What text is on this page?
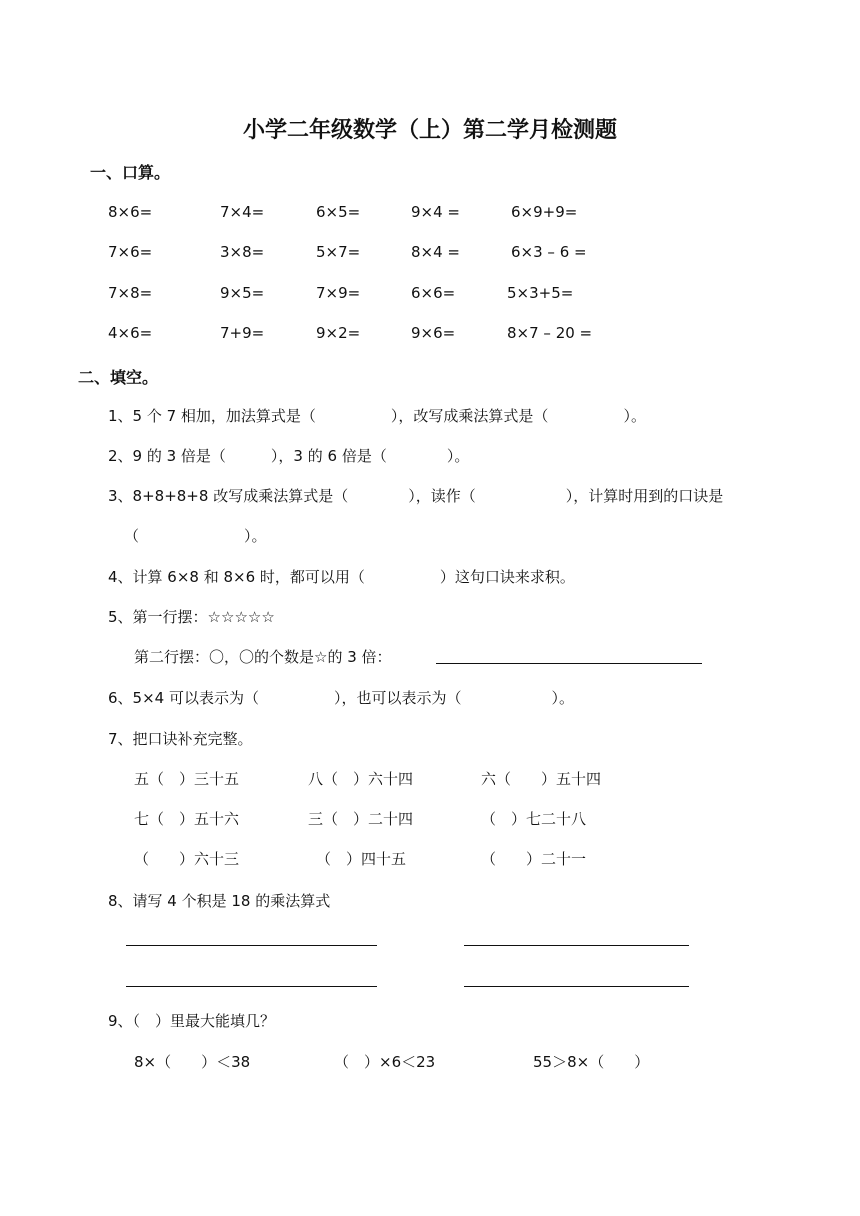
小学二年级数学（上）第二学月检测题
一、口算。
8×6=	7×4=	6×5=	9×4 =	6×9+9=
7×6=	3×8=	5×7=	8×4 =	6×3 – 6 =
7×8=	9×5=	7×9=	6×6=	5×3+5=
4×6=	7+9=	9×2=	9×6=	8×7 – 20 =
二、填空。
1、5 个 7 相加，加法算式是（　　　　　），改写成乘法算式是（　　　　　）。
2、9 的 3 倍是（　　　），3 的 6 倍是（　　　　）。
3、8+8+8+8 改写成乘法算式是（　　　　），读作（　　　　　　），计算时用到的口诀是
（　　　　　　　）。
4、计算 6×8 和 8×6 时，都可以用（　　　　　）这句口诀来求积。
5、第一行摆：☆☆☆☆☆
第二行摆：〇，〇的个数是☆的 3 倍：
6、5×4 可以表示为（　　　　　），也可以表示为（　　　　　　）。
7、把口诀补充完整。
五（　）三十五	八（　）六十四	六（　　）五十四
七（　）五十六	三（　）二十四	（　）七二十八
（　　）六十三	（　）四十五	（　　）二十一
8、请写 4 个积是 18 的乘法算式
9、（　）里最大能填几？
8×（　　）＜38	（　）×6＜23	55＞8×（　　）
